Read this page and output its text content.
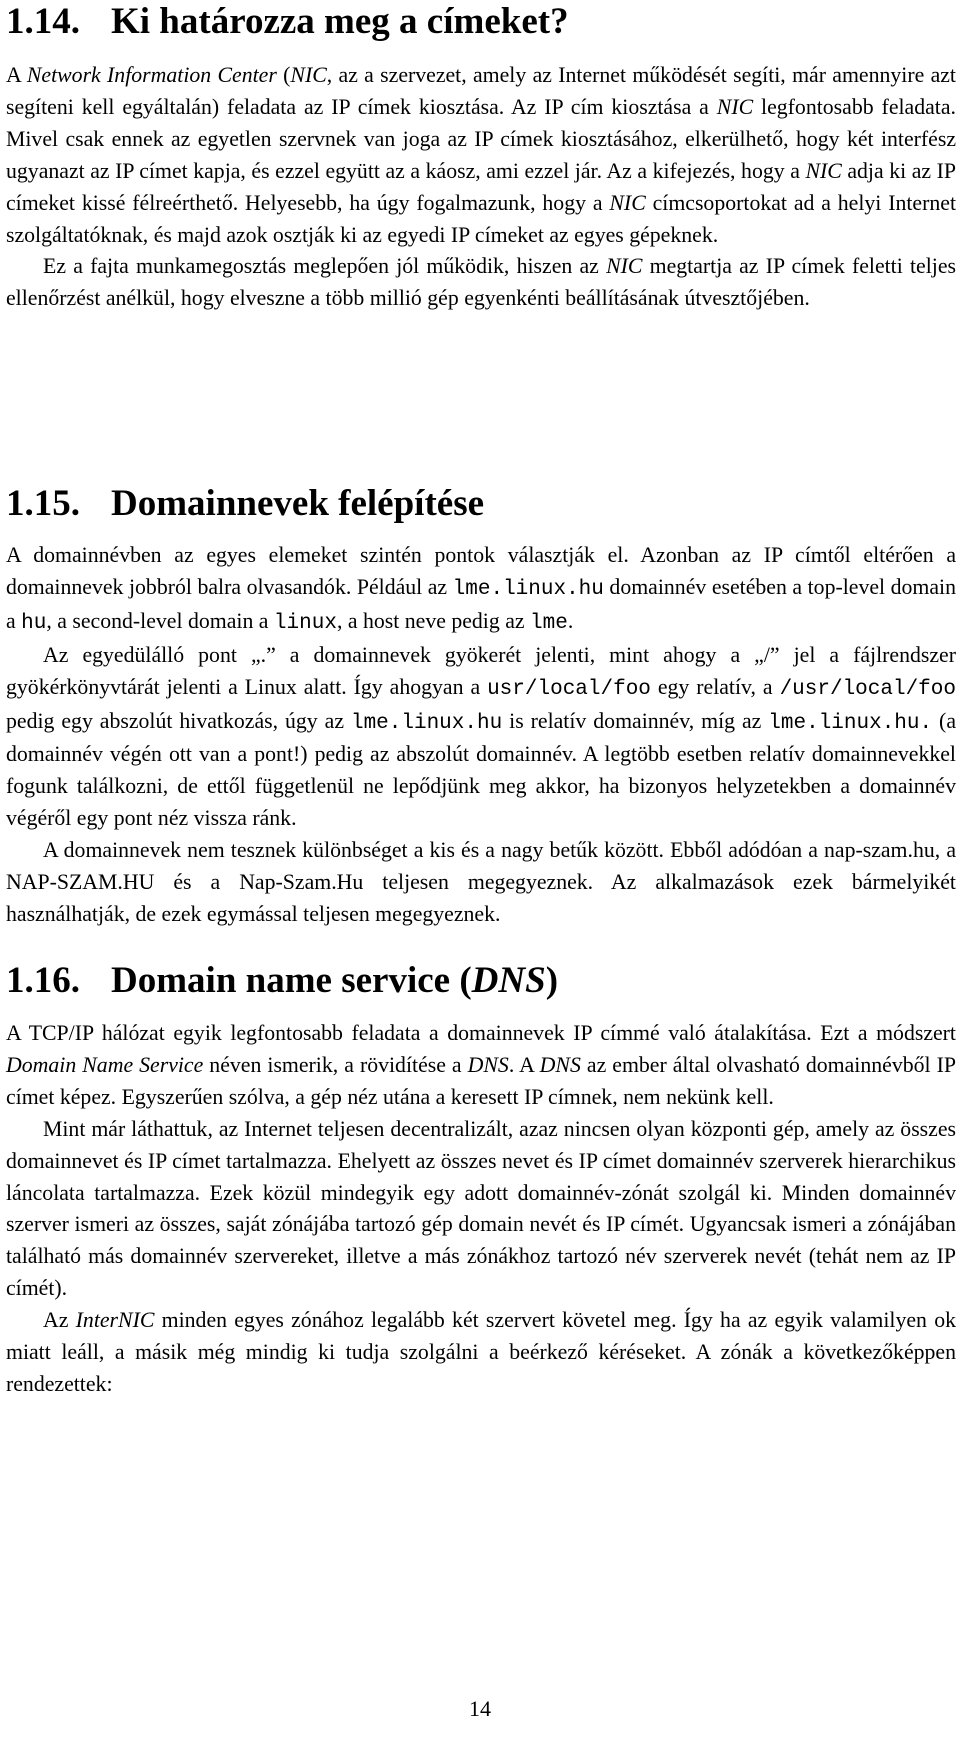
1.14. Ki határozza meg a címeket?

A Network Information Center (NIC, az a szervezet, amely az Internet működését segíti, már amennyire azt segíteni kell egyáltalán) feladata az IP címek kiosztása. Az IP cím kiosztása a NIC legfontosabb feladata. Mivel csak ennek az egyetlen szervnek van joga az IP címek kiosztásához, elkerülhető, hogy két interfész ugyanazt az IP címet kapja, és ezzel együtt az a káosz, ami ezzel jár. Az a kifejezés, hogy a NIC adja ki az IP címeket kissé félreérthető. Helyesebb, ha úgy fogalmazunk, hogy a NIC címcsoportokat ad a helyi Internet szolgáltatóknak, és majd azok osztják ki az egyedi IP címeket az egyes gépeknek.

Ez a fajta munkamegosztás meglepően jól működik, hiszen az NIC megtartja az IP címek feletti teljes ellenőrzést anélkül, hogy elveszne a több millió gép egyenkénti beállításának útvesztőjében.

1.15. Domainnevek felépítése

A domainnévben az egyes elemeket szintén pontok választják el. Azonban az IP címtől eltérően a domainnevek jobbról balra olvasandók. Például az lme.linux.hu domainnév esetében a top-level domain a hu, a second-level domain a linux, a host neve pedig az lme.

Az egyedülálló pont „.” a domainnevek gyökerét jelenti, mint ahogy a „/” jel a fájlrendszer gyökérkönyvtárát jelenti a Linux alatt. Így ahogyan a usr/local/foo egy relatív, a /usr/local/foo pedig egy abszolút hivatkozás, úgy az lme.linux.hu is relatív domainnév, míg az lme.linux.hu. (a domainnév végén ott van a pont!) pedig az abszolút domainnév. A legtöbb esetben relatív domainnevekkel fogunk találkozni, de ettől függetlenül ne lepődjünk meg akkor, ha bizonyos helyzetekben a domainnév végéről egy pont néz vissza ránk.

A domainnevek nem tesznek különbséget a kis és a nagy betűk között. Ebből adódóan a nap-szam.hu, a NAP-SZAM.HU és a Nap-Szam.Hu teljesen megegyeznek. Az alkalmazások ezek bármelyikét használhatják, de ezek egymással teljesen megegyeznek.

1.16. Domain name service (DNS)

A TCP/IP hálózat egyik legfontosabb feladata a domainnevek IP címmé való átalakítása. Ezt a módszert Domain Name Service néven ismerik, a rövidítése a DNS. A DNS az ember által olvasható domainnévből IP címet képez. Egyszerűen szólva, a gép néz utána a keresett IP címnek, nem nekünk kell.

Mint már láthattuk, az Internet teljesen decentralizált, azaz nincsen olyan központi gép, amely az összes domainnevet és IP címet tartalmazza. Ehelyett az összes nevet és IP címet domainnév szerverek hierarchikus láncolata tartalmazza. Ezek közül mindegyik egy adott domainnév-zónát szolgál ki. Minden domainnév szerver ismeri az összes, saját zónájába tartozó gép domain nevét és IP címét. Ugyancsak ismeri a zónájában található más domainnév szervereket, illetve a más zónákhoz tartozó név szerverek nevét (tehát nem az IP címét).

Az InterNIC minden egyes zónához legalább két szervert követel meg. Így ha az egyik valamilyen ok miatt leáll, a másik még mindig ki tudja szolgálni a beérkező kéréseket. A zónák a következőképpen rendezettek:

14
